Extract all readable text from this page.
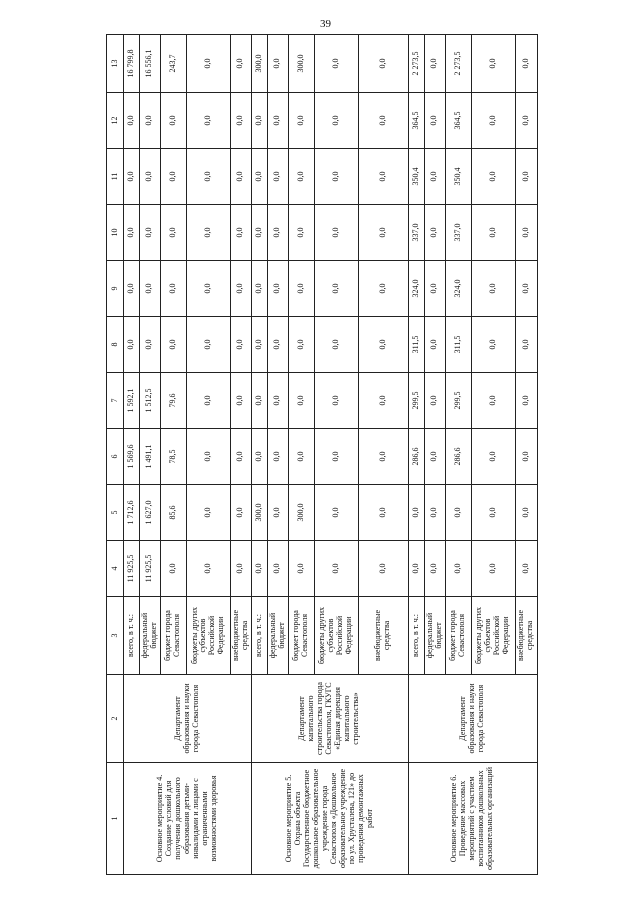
39
1	2	3	4	5	6	7	8	9	10	11	12	13
Основное мероприятие 4. Создание условий для получения дошкольного образования детьми-инвалидами и лицами с ограниченными возможностями здоровья	Департамент образования и науки города Севастополя	всего, в т. ч.:	11 925,5	1 712,6	1 569,6	1 592,1	0,0	0,0	0,0	0,0	0,0	16 799,8
		федеральный бюджет	11 925,5	1 627,0	1 491,1	1 512,5	0,0	0,0	0,0	0,0	0,0	16 556,1
		бюджет города Севастополя	0,0	85,6	78,5	79,6	0,0	0,0	0,0	0,0	0,0	243,7
		бюджеты других субъектов Российской Федерации	0,0	0,0	0,0	0,0	0,0	0,0	0,0	0,0	0,0	0,0
		внебюджетные средства	0,0	0,0	0,0	0,0	0,0	0,0	0,0	0,0	0,0	0,0
Основное мероприятие 5. Охрана объекта Государственное бюджетное дошкольное образовательное учреждение города Севастополя «Дошкольное образовательное учреждение по ул. Хрусталева, 121» до проведения демонтажных работ	Департамент капитального строительства города Севастополя, ГКУГС «Единая дирекция капитального строительства»	всего, в т. ч.:	0,0	300,0	0,0	0,0	0,0	0,0	0,0	0,0	0,0	300,0
		федеральный бюджет	0,0	0,0	0,0	0,0	0,0	0,0	0,0	0,0	0,0	0,0
		бюджет города Севастополя	0,0	300,0	0,0	0,0	0,0	0,0	0,0	0,0	0,0	300,0
		бюджеты других субъектов Российской Федерации	0,0	0,0	0,0	0,0	0,0	0,0	0,0	0,0	0,0	0,0
		внебюджетные средства	0,0	0,0	0,0	0,0	0,0	0,0	0,0	0,0	0,0	0,0
Основное мероприятие 6. Проведение массовых мероприятий с участием воспитанников дошкольных образовательных организаций	Департамент образования и науки города Севастополя	всего, в т. ч.:	0,0	0,0	286,6	299,5	311,5	324,0	337,0	350,4	364,5	2 273,5
		федеральный бюджет	0,0	0,0	0,0	0,0	0,0	0,0	0,0	0,0	0,0	0,0
		бюджет города Севастополя	0,0	0,0	286,6	299,5	311,5	324,0	337,0	350,4	364,5	2 273,5
		бюджеты других субъектов Российской Федерации	0,0	0,0	0,0	0,0	0,0	0,0	0,0	0,0	0,0	0,0
		внебюджетные средства	0,0	0,0	0,0	0,0	0,0	0,0	0,0	0,0	0,0	0,0
